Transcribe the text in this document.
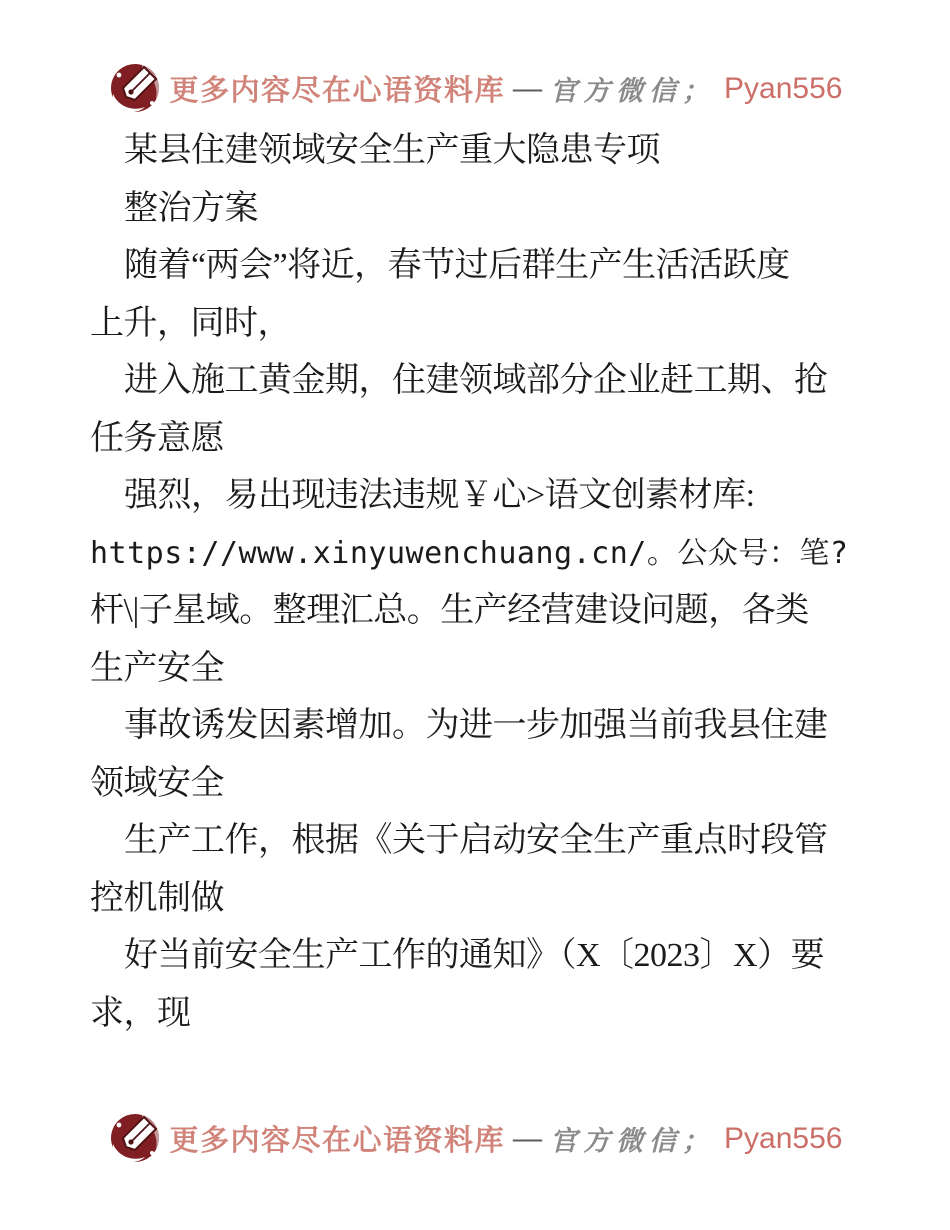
更多内容尽在心语资料库 — 官方微信； Pyan556
某县住建领域安全生产重大隐患专项
整治方案
随着“两会”将近，春节过后群生产生活活跃度
上升，同时，
进入施工黄金期，住建领域部分企业赶工期、抢
任务意愿
强烈，易出现违法违规￥心>语文创素材库:
https://www.xinyuwenchuang.cn/。公众号：笔?
杆\|子星域。整理汇总。生产经营建设问题，各类
生产安全
事故诱发因素增加。为进一步加强当前我县住建
领域安全
生产工作，根据《关于启动安全生产重点时段管
控机制做
好当前安全生产工作的通知》（X〔2023〕X）要
求，现
更多内容尽在心语资料库 — 官方微信； Pyan556
